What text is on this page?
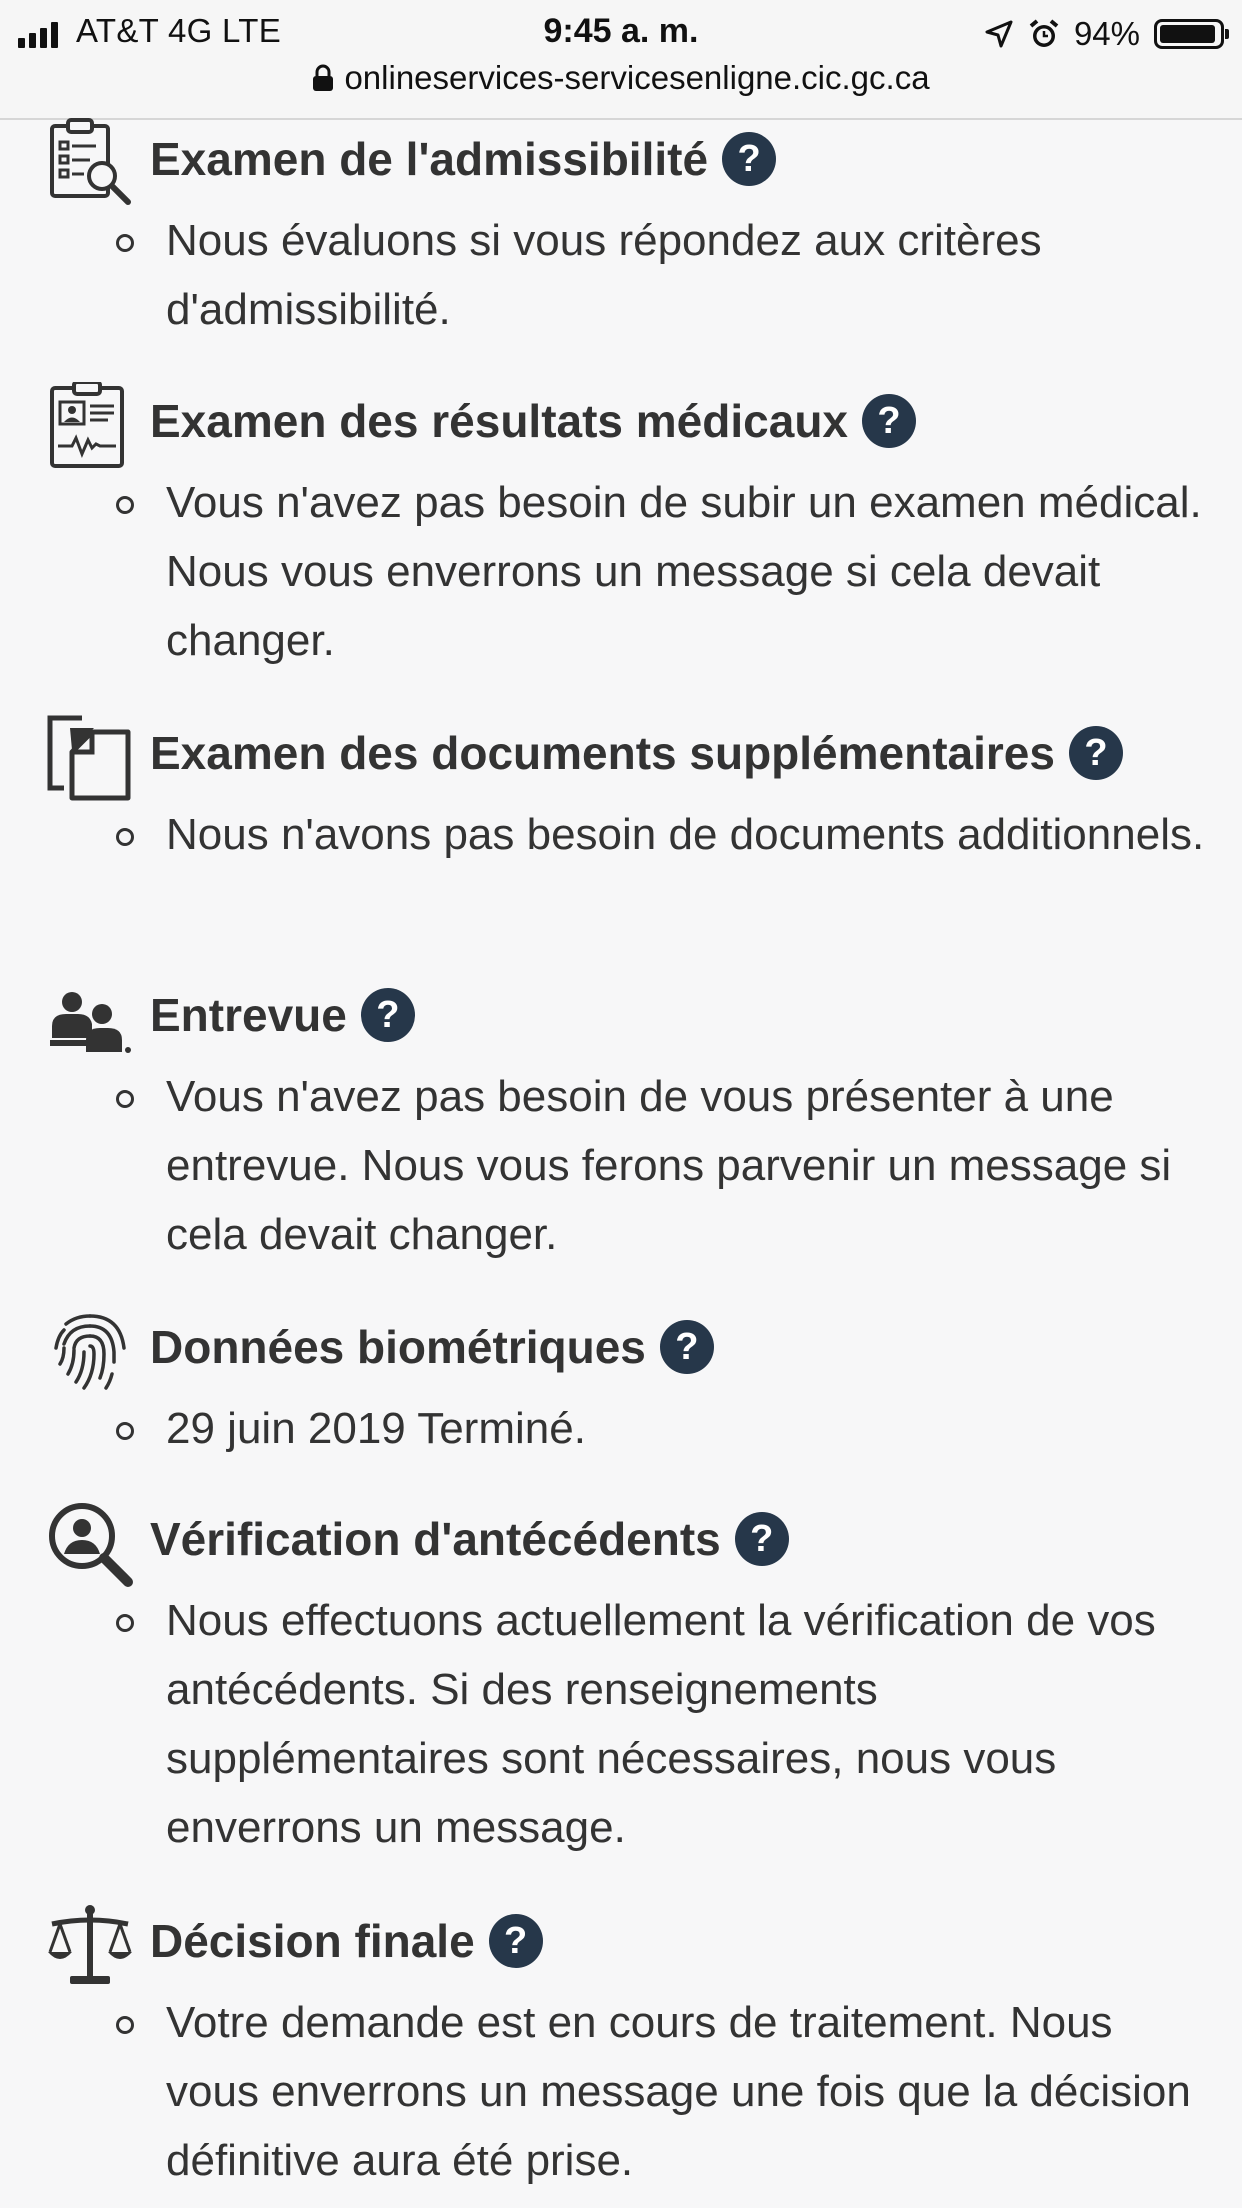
AT&T 4G LTE	9:45 a. m.	94%
onlineservices-servicesenligne.cic.gc.ca
Examen de l'admissibilité ?
Nous évaluons si vous répondez aux critères d'admissibilité.
Examen des résultats médicaux ?
Vous n'avez pas besoin de subir un examen médical. Nous vous enverrons un message si cela devait changer.
Examen des documents supplémentaires ?
Nous n'avons pas besoin de documents additionnels.
Entrevue ?
Vous n'avez pas besoin de vous présenter à une entrevue. Nous vous ferons parvenir un message si cela devait changer.
Données biométriques ?
29 juin 2019 Terminé.
Vérification d'antécédents ?
Nous effectuons actuellement la vérification de vos antécédents. Si des renseignements supplémentaires sont nécessaires, nous vous enverrons un message.
Décision finale ?
Votre demande est en cours de traitement. Nous vous enverrons un message une fois que la décision définitive aura été prise.
